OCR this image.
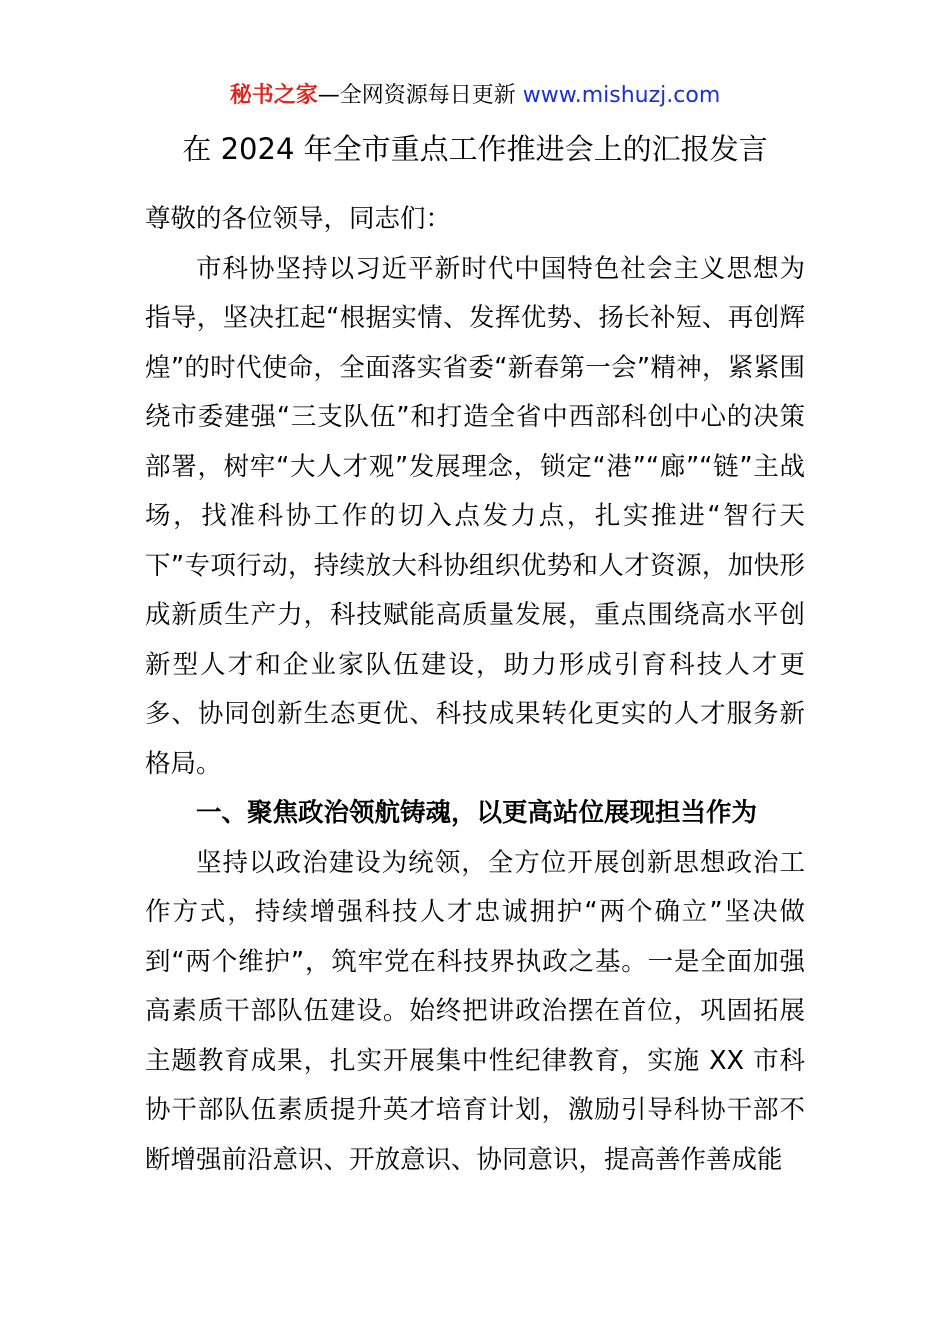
秘书之家—全网资源每日更新 www.mishuzj.com
在 2024 年全市重点工作推进会上的汇报发言

尊敬的各位领导，同志们：

市科协坚持以习近平新时代中国特色社会主义思想为指导，坚决扛起“根据实情、发挥优势、扬长补短、再创辉煌”的时代使命，全面落实省委“新春第一会”精神，紧紧围绕市委建强“三支队伍”和打造全省中西部科创中心的决策部署，树牢“大人才观”发展理念，锁定“港”“廊”“链”主战场，找准科协工作的切入点发力点，扎实推进“智行天下”专项行动，持续放大科协组织优势和人才资源，加快形成新质生产力，科技赋能高质量发展，重点围绕高水平创新型人才和企业家队伍建设，助力形成引育科技人才更多、协同创新生态更优、科技成果转化更实的人才服务新格局。

一、聚焦政治领航铸魂，以更高站位展现担当作为

坚持以政治建设为统领，全方位开展创新思想政治工作方式，持续增强科技人才忠诚拥护“两个确立”坚决做到“两个维护”，筑牢党在科技界执政之基。一是全面加强高素质干部队伍建设。始终把讲政治摆在首位，巩固拓展主题教育成果，扎实开展集中性纪律教育，实施 XX 市科协干部队伍素质提升英才培育计划，激励引导科协干部不断增强前沿意识、开放意识、协同意识，提高善作善成能
